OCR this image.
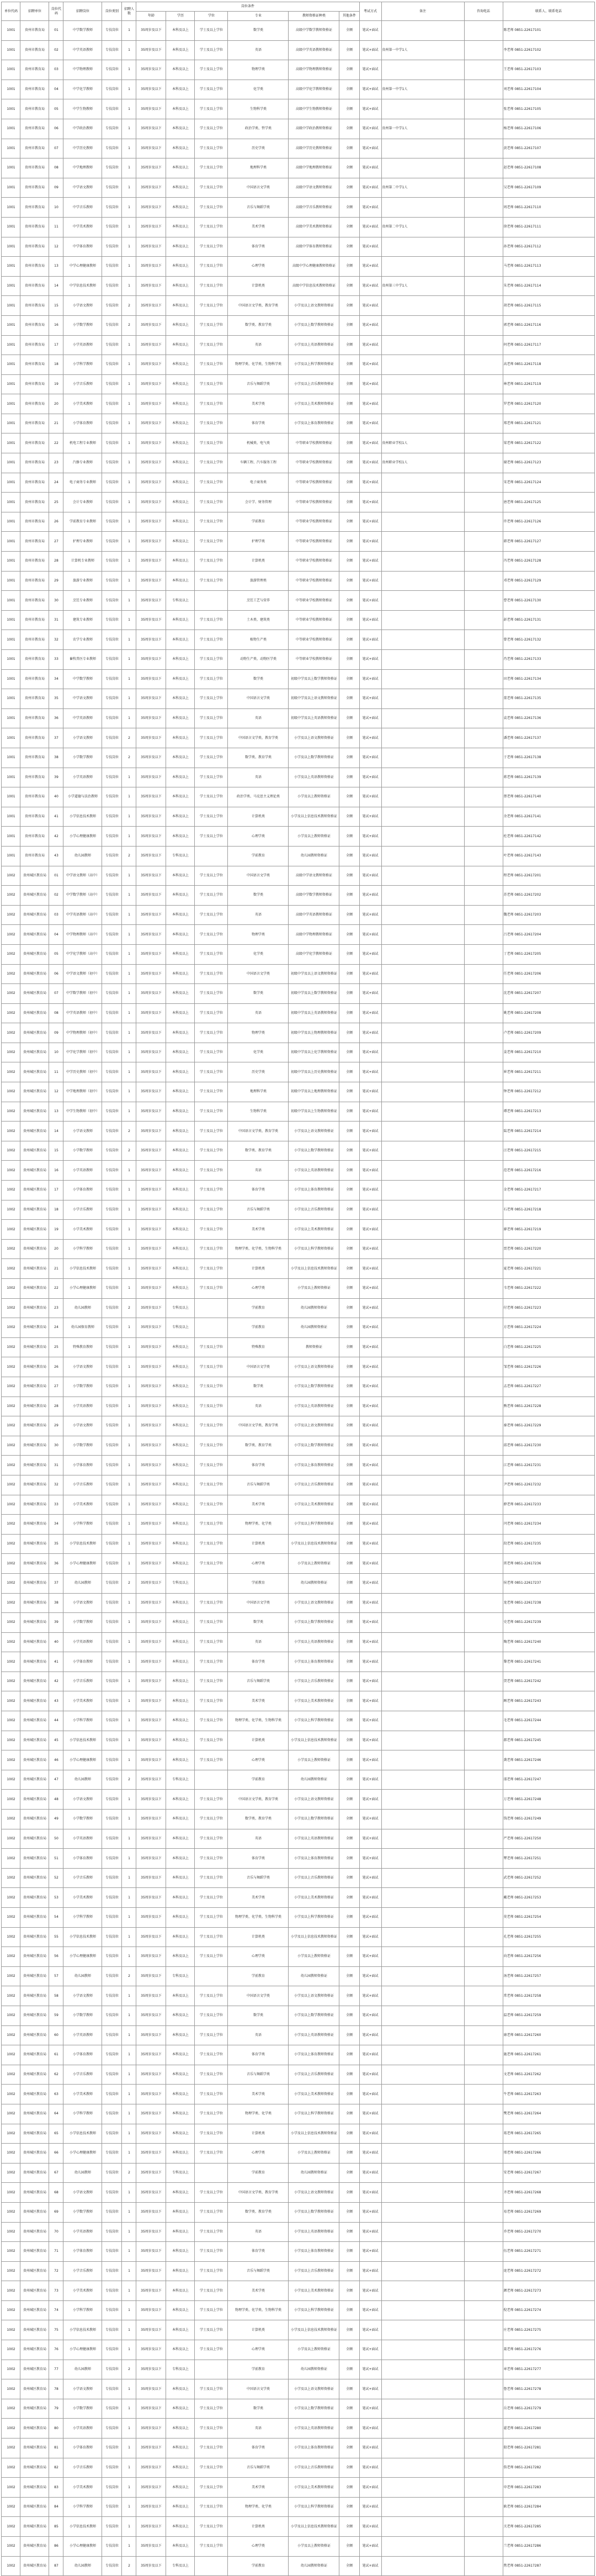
单位代码	招聘单位	岗位代码	招聘岗位	岗位类别	招聘人数	岗位条件						考试方式	备注	咨询电话	联系人、联系电话
						年龄	学历	学位	专业	教师资格证种类	其他条件				
1001	贵州市教育局	01	中学数学教师	专技岗位	1	35周岁及以下	本科及以上	学士及以上学位	数学类	高级中学数学教师资格证	全额	笔试+面试			陈老师 0851-22617101
1001	贵州市教育局	02	中学英语教师	专技岗位	1	35周岁及以下	本科及以上	学士及以上学位	英语	高级中学英语教师资格证	全额	笔试+面试	贵州第一中学1人		李老师 0851-22617102
1001	贵州市教育局	03	中学物理教师	专技岗位	1	35周岁及以下	本科及以上	学士及以上学位	物理学类	高级中学物理教师资格证	全额	笔试+面试			王老师 0851-22617103
1001	贵州市教育局	04	中学化学教师	专技岗位	1	35周岁及以下	本科及以上	学士及以上学位	化学类	高级中学化学教师资格证	全额	笔试+面试	贵州第一中学1人		刘老师 0851-22617104
1001	贵州市教育局	05	中学生物教师	专技岗位	1	35周岁及以下	本科及以上	学士及以上学位	生物科学类	高级中学生物教师资格证	全额	笔试+面试			张老师 0851-22617105
1001	贵州市教育局	06	中学政治教师	专技岗位	1	35周岁及以下	本科及以上	学士及以上学位	政治学类、哲学类	高级中学政治教师资格证	全额	笔试+面试	贵州第一中学1人		杨老师 0851-22617106
1001	贵州市教育局	07	中学历史教师	专技岗位	1	35周岁及以下	本科及以上	学士及以上学位	历史学类	高级中学历史教师资格证	全额	笔试+面试			黄老师 0851-22617107
1001	贵州市教育局	08	中学地理教师	专技岗位	1	35周岁及以下	本科及以上	学士及以上学位	地理科学类	高级中学地理教师资格证	全额	笔试+面试			赵老师 0851-22617108
1001	贵州市教育局	09	中学语文教师	专技岗位	1	35周岁及以下	本科及以上	学士及以上学位	中国语言文学类	高级中学语文教师资格证	全额	笔试+面试	贵州第二中学1人		吴老师 0851-22617109
1001	贵州市教育局	10	中学音乐教师	专技岗位	1	35周岁及以下	本科及以上	学士及以上学位	音乐与舞蹈学类	高级中学音乐教师资格证	全额	笔试+面试			周老师 0851-22617110
1001	贵州市教育局	11	中学美术教师	专技岗位	1	35周岁及以下	本科及以上	学士及以上学位	美术学类	高级中学美术教师资格证	全额	笔试+面试	贵州第二中学1人		徐老师 0851-22617111
1001	贵州市教育局	12	中学体育教师	专技岗位	1	35周岁及以下	本科及以上	学士及以上学位	体育学类	高级中学体育教师资格证	全额	笔试+面试			孙老师 0851-22617112
1001	贵州市教育局	13	中学心理健康教师	专技岗位	1	35周岁及以下	本科及以上	学士及以上学位	心理学类	高级中学心理健康教师资格证	全额	笔试+面试			马老师 0851-22617113
1001	贵州市教育局	14	中学信息技术教师	专技岗位	1	35周岁及以下	本科及以上	学士及以上学位	计算机类	高级中学信息技术教师资格证	全额	笔试+面试	贵州第三中学1人		朱老师 0851-22617114
1001	贵州市教育局	15	小学语文教师	专技岗位	2	35周岁及以下	本科及以上	学士及以上学位	中国语言文学类、教育学类	小学及以上语文教师资格证	全额	笔试+面试			胡老师 0851-22617115
1001	贵州市教育局	16	小学数学教师	专技岗位	2	35周岁及以下	本科及以上	学士及以上学位	数学类、教育学类	小学及以上数学教师资格证	全额	笔试+面试			郭老师 0851-22617116
1001	贵州市教育局	17	小学英语教师	专技岗位	1	35周岁及以下	本科及以上	学士及以上学位	英语	小学及以上英语教师资格证	全额	笔试+面试			何老师 0851-22617117
1001	贵州市教育局	18	小学科学教师	专技岗位	1	35周岁及以下	本科及以上	学士及以上学位	物理学类、化学类、生物科学类	小学及以上科学教师资格证	全额	笔试+面试			高老师 0851-22617118
1001	贵州市教育局	19	小学音乐教师	专技岗位	1	35周岁及以下	本科及以上	学士及以上学位	音乐与舞蹈学类	小学及以上音乐教师资格证	全额	笔试+面试			林老师 0851-22617119
1001	贵州市教育局	20	小学美术教师	专技岗位	1	35周岁及以下	本科及以上	学士及以上学位	美术学类	小学及以上美术教师资格证	全额	笔试+面试			罗老师 0851-22617120
1001	贵州市教育局	21	小学体育教师	专技岗位	1	35周岁及以下	本科及以上	学士及以上学位	体育学类	小学及以上体育教师资格证	全额	笔试+面试			郑老师 0851-22617121
1001	贵州市教育局	22	机电工程专业教师	专技岗位	1	35周岁及以下	本科及以上	学士及以上学位	机械类、电气类	中等职业学校教师资格证	全额	笔试+面试	贵州职业学校1人		梁老师 0851-22617122
1001	贵州市教育局	23	汽修专业教师	专技岗位	1	35周岁及以下	本科及以上	学士及以上学位	车辆工程、汽车服务工程	中等职业学校教师资格证	全额	笔试+面试	贵州职业学校1人		谢老师 0851-22617123
1001	贵州市教育局	24	电子商务专业教师	专技岗位	1	35周岁及以下	本科及以上	学士及以上学位	电子商务类	中等职业学校教师资格证	全额	笔试+面试			宋老师 0851-22617124
1001	贵州市教育局	25	会计专业教师	专技岗位	1	35周岁及以下	本科及以上	学士及以上学位	会计学、财务管理	中等职业学校教师资格证	全额	笔试+面试			唐老师 0851-22617125
1001	贵州市教育局	26	学前教育专业教师	专技岗位	1	35周岁及以下	本科及以上	学士及以上学位	学前教育	中等职业学校教师资格证	全额	笔试+面试			许老师 0851-22617126
1001	贵州市教育局	27	护理专业教师	专技岗位	1	35周岁及以下	本科及以上	学士及以上学位	护理学类	中等职业学校教师资格证	全额	笔试+面试			韩老师 0851-22617127
1001	贵州市教育局	28	计算机专业教师	专技岗位	1	35周岁及以下	本科及以上	学士及以上学位	计算机类	中等职业学校教师资格证	全额	笔试+面试			冯老师 0851-22617128
1001	贵州市教育局	29	旅游专业教师	专技岗位	1	35周岁及以下	本科及以上	学士及以上学位	旅游管理类	中等职业学校教师资格证	全额	笔试+面试			邓老师 0851-22617129
1001	贵州市教育局	30	烹饪专业教师	专技岗位	1	35周岁及以下	专科及以上		烹饪工艺与营养	中等职业学校教师资格证	全额	笔试+面试			曹老师 0851-22617130
1001	贵州市教育局	31	建筑专业教师	专技岗位	1	35周岁及以下	本科及以上	学士及以上学位	土木类、建筑类	中等职业学校教师资格证	全额	笔试+面试			彭老师 0851-22617131
1001	贵州市教育局	32	农学专业教师	专技岗位	1	35周岁及以下	本科及以上	学士及以上学位	植物生产类	中等职业学校教师资格证	全额	笔试+面试			曾老师 0851-22617132
1001	贵州市教育局	33	畜牧兽医专业教师	专技岗位	1	35周岁及以下	本科及以上	学士及以上学位	动物生产类、动物医学类	中等职业学校教师资格证	全额	笔试+面试			肖老师 0851-22617133
1001	贵州市教育局	34	中学数学教师	专技岗位	1	35周岁及以下	本科及以上	学士及以上学位	数学类	初级中学及以上数学教师资格证	全额	笔试+面试			田老师 0851-22617134
1001	贵州市教育局	35	中学语文教师	专技岗位	1	35周岁及以下	本科及以上	学士及以上学位	中国语言文学类	初级中学及以上语文教师资格证	全额	笔试+面试			董老师 0851-22617135
1001	贵州市教育局	36	中学英语教师	专技岗位	1	35周岁及以下	本科及以上	学士及以上学位	英语	初级中学及以上英语教师资格证	全额	笔试+面试			袁老师 0851-22617136
1001	贵州市教育局	37	小学语文教师	专技岗位	2	35周岁及以下	本科及以上	学士及以上学位	中国语言文学类、教育学类	小学及以上语文教师资格证	全额	笔试+面试			潘老师 0851-22617137
1001	贵州市教育局	38	小学数学教师	专技岗位	2	35周岁及以下	本科及以上	学士及以上学位	数学类、教育学类	小学及以上数学教师资格证	全额	笔试+面试			于老师 0851-22617138
1001	贵州市教育局	39	小学英语教师	专技岗位	1	35周岁及以下	本科及以上	学士及以上学位	英语	小学及以上英语教师资格证	全额	笔试+面试			蒋老师 0851-22617139
1001	贵州市教育局	40	小学道德与法治教师	专技岗位	1	35周岁及以下	本科及以上	学士及以上学位	政治学类、马克思主义理论类	小学及以上教师资格证	全额	笔试+面试			蔡老师 0851-22617140
1001	贵州市教育局	41	小学信息技术教师	专技岗位	1	35周岁及以下	本科及以上	学士及以上学位	计算机类	小学及以上信息技术教师资格证	全额	笔试+面试			余老师 0851-22617141
1001	贵州市教育局	42	小学心理健康教师	专技岗位	1	35周岁及以下	本科及以上	学士及以上学位	心理学类	小学及以上教师资格证	全额	笔试+面试			杜老师 0851-22617142
1001	贵州市教育局	43	幼儿园教师	专技岗位	2	35周岁及以下	专科及以上		学前教育	幼儿园教师资格证	全额	笔试+面试			叶老师 0851-22617143
1002	贵州城区教育局	01	中学语文教师（高中）	专技岗位	1	35周岁及以下	本科及以上	学士及以上学位	中国语言文学类	高级中学语文教师资格证	全额	笔试+面试			程老师 0851-22617201
1002	贵州城区教育局	02	中学数学教师（高中）	专技岗位	1	35周岁及以下	本科及以上	学士及以上学位	数学类	高级中学数学教师资格证	全额	笔试+面试			苏老师 0851-22617202
1002	贵州城区教育局	03	中学英语教师（高中）	专技岗位	1	35周岁及以下	本科及以上	学士及以上学位	英语	高级中学英语教师资格证	全额	笔试+面试			魏老师 0851-22617203
1002	贵州城区教育局	04	中学物理教师（高中）	专技岗位	1	35周岁及以下	本科及以上	学士及以上学位	物理学类	高级中学物理教师资格证	全额	笔试+面试			吕老师 0851-22617204
1002	贵州城区教育局	05	中学化学教师（高中）	专技岗位	1	35周岁及以下	本科及以上	学士及以上学位	化学类	高级中学化学教师资格证	全额	笔试+面试			丁老师 0851-22617205
1002	贵州城区教育局	06	中学语文教师（初中）	专技岗位	1	35周岁及以下	本科及以上	学士及以上学位	中国语言文学类	初级中学及以上语文教师资格证	全额	笔试+面试			任老师 0851-22617206
1002	贵州城区教育局	07	中学数学教师（初中）	专技岗位	1	35周岁及以下	本科及以上	学士及以上学位	数学类	初级中学及以上数学教师资格证	全额	笔试+面试			沈老师 0851-22617207
1002	贵州城区教育局	08	中学英语教师（初中）	专技岗位	1	35周岁及以下	本科及以上	学士及以上学位	英语	初级中学及以上英语教师资格证	全额	笔试+面试			姚老师 0851-22617208
1002	贵州城区教育局	09	中学物理教师（初中）	专技岗位	1	35周岁及以下	本科及以上	学士及以上学位	物理学类	初级中学及以上物理教师资格证	全额	笔试+面试			卢老师 0851-22617209
1002	贵州城区教育局	10	中学化学教师（初中）	专技岗位	1	35周岁及以下	本科及以上	学士及以上学位	化学类	初级中学及以上化学教师资格证	全额	笔试+面试			姜老师 0851-22617210
1002	贵州城区教育局	11	中学历史教师（初中）	专技岗位	1	35周岁及以下	本科及以上	学士及以上学位	历史学类	初级中学及以上历史教师资格证	全额	笔试+面试			崔老师 0851-22617211
1002	贵州城区教育局	12	中学地理教师（初中）	专技岗位	1	35周岁及以下	本科及以上	学士及以上学位	地理科学类	初级中学及以上地理教师资格证	全额	笔试+面试			钟老师 0851-22617212
1002	贵州城区教育局	13	中学生物教师（初中）	专技岗位	1	35周岁及以下	本科及以上	学士及以上学位	生物科学类	初级中学及以上生物教师资格证	全额	笔试+面试			谭老师 0851-22617213
1002	贵州城区教育局	14	小学语文教师	专技岗位	2	35周岁及以下	本科及以上	学士及以上学位	中国语言文学类、教育学类	小学及以上语文教师资格证	全额	笔试+面试			陆老师 0851-22617214
1002	贵州城区教育局	15	小学数学教师	专技岗位	2	35周岁及以下	本科及以上	学士及以上学位	数学类、教育学类	小学及以上数学教师资格证	全额	笔试+面试			汪老师 0851-22617215
1002	贵州城区教育局	16	小学英语教师	专技岗位	1	35周岁及以下	本科及以上	学士及以上学位	英语	小学及以上英语教师资格证	全额	笔试+面试			范老师 0851-22617216
1002	贵州城区教育局	17	小学体育教师	专技岗位	1	35周岁及以下	本科及以上	学士及以上学位	体育学类	小学及以上体育教师资格证	全额	笔试+面试			金老师 0851-22617217
1002	贵州城区教育局	18	小学音乐教师	专技岗位	1	35周岁及以下	本科及以上	学士及以上学位	音乐与舞蹈学类	小学及以上音乐教师资格证	全额	笔试+面试			石老师 0851-22617218
1002	贵州城区教育局	19	小学美术教师	专技岗位	1	35周岁及以下	本科及以上	学士及以上学位	美术学类	小学及以上美术教师资格证	全额	笔试+面试			廖老师 0851-22617219
1002	贵州城区教育局	20	小学科学教师	专技岗位	1	35周岁及以下	本科及以上	学士及以上学位	物理学类、化学类、生物科学类	小学及以上科学教师资格证	全额	笔试+面试			贾老师 0851-22617220
1002	贵州城区教育局	21	小学信息技术教师	专技岗位	1	35周岁及以下	本科及以上	学士及以上学位	计算机类	小学及以上信息技术教师资格证	全额	笔试+面试			夏老师 0851-22617221
1002	贵州城区教育局	22	小学心理健康教师	专技岗位	1	35周岁及以下	本科及以上	学士及以上学位	心理学类	小学及以上教师资格证	全额	笔试+面试			韦老师 0851-22617222
1002	贵州城区教育局	23	幼儿园教师	专技岗位	2	35周岁及以下	专科及以上		学前教育	幼儿园教师资格证	全额	笔试+面试			付老师 0851-22617223
1002	贵州城区教育局	24	幼儿园保育教师	专技岗位	1	35周岁及以下	专科及以上		学前教育	幼儿园教师资格证	全额	笔试+面试			方老师 0851-22617224
1002	贵州城区教育局	25	特殊教育教师	专技岗位	1	35周岁及以下	本科及以上	学士及以上学位	特殊教育	教师资格证	全额	笔试+面试			白老师 0851-22617225
1002	贵州城区教育局	26	小学语文教师	专技岗位	1	35周岁及以下	本科及以上	学士及以上学位	中国语言文学类	小学及以上语文教师资格证	全额	笔试+面试			邹老师 0851-22617226
1002	贵州城区教育局	27	小学数学教师	专技岗位	1	35周岁及以下	本科及以上	学士及以上学位	数学类	小学及以上数学教师资格证	全额	笔试+面试			孟老师 0851-22617227
1002	贵州城区教育局	28	小学英语教师	专技岗位	1	35周岁及以下	本科及以上	学士及以上学位	英语	小学及以上英语教师资格证	全额	笔试+面试			熊老师 0851-22617228
1002	贵州城区教育局	29	小学语文教师	专技岗位	1	35周岁及以下	本科及以上	学士及以上学位	中国语言文学类、教育学类	小学及以上语文教师资格证	全额	笔试+面试			秦老师 0851-22617229
1002	贵州城区教育局	30	小学数学教师	专技岗位	1	35周岁及以下	本科及以上	学士及以上学位	数学类、教育学类	小学及以上数学教师资格证	全额	笔试+面试			邱老师 0851-22617230
1002	贵州城区教育局	31	小学体育教师	专技岗位	1	35周岁及以下	本科及以上	学士及以上学位	体育学类	小学及以上体育教师资格证	全额	笔试+面试			江老师 0851-22617231
1002	贵州城区教育局	32	小学音乐教师	专技岗位	1	35周岁及以下	本科及以上	学士及以上学位	音乐与舞蹈学类	小学及以上音乐教师资格证	全额	笔试+面试			尹老师 0851-22617232
1002	贵州城区教育局	33	小学美术教师	专技岗位	1	35周岁及以下	本科及以上	学士及以上学位	美术学类	小学及以上美术教师资格证	全额	笔试+面试			薛老师 0851-22617233
1002	贵州城区教育局	34	小学科学教师	专技岗位	1	35周岁及以下	本科及以上	学士及以上学位	物理学类、化学类	小学及以上科学教师资格证	全额	笔试+面试			闫老师 0851-22617234
1002	贵州城区教育局	35	小学信息技术教师	专技岗位	1	35周岁及以下	本科及以上	学士及以上学位	计算机类	小学及以上信息技术教师资格证	全额	笔试+面试			段老师 0851-22617235
1002	贵州城区教育局	36	小学心理健康教师	专技岗位	1	35周岁及以下	本科及以上	学士及以上学位	心理学类	小学及以上教师资格证	全额	笔试+面试			雷老师 0851-22617236
1002	贵州城区教育局	37	幼儿园教师	专技岗位	2	35周岁及以下	专科及以上		学前教育	幼儿园教师资格证	全额	笔试+面试			侯老师 0851-22617237
1002	贵州城区教育局	38	小学语文教师	专技岗位	1	35周岁及以下	本科及以上	学士及以上学位	中国语言文学类	小学及以上语文教师资格证	全额	笔试+面试			龙老师 0851-22617238
1002	贵州城区教育局	39	小学数学教师	专技岗位	1	35周岁及以下	本科及以上	学士及以上学位	数学类	小学及以上数学教师资格证	全额	笔试+面试			史老师 0851-22617239
1002	贵州城区教育局	40	小学英语教师	专技岗位	1	35周岁及以下	本科及以上	学士及以上学位	英语	小学及以上英语教师资格证	全额	笔试+面试			陶老师 0851-22617240
1002	贵州城区教育局	41	小学体育教师	专技岗位	1	35周岁及以下	本科及以上	学士及以上学位	体育学类	小学及以上体育教师资格证	全额	笔试+面试			黎老师 0851-22617241
1002	贵州城区教育局	42	小学音乐教师	专技岗位	1	35周岁及以下	本科及以上	学士及以上学位	音乐与舞蹈学类	小学及以上音乐教师资格证	全额	笔试+面试			贺老师 0851-22617242
1002	贵州城区教育局	43	小学美术教师	专技岗位	1	35周岁及以下	本科及以上	学士及以上学位	美术学类	小学及以上美术教师资格证	全额	笔试+面试			顾老师 0851-22617243
1002	贵州城区教育局	44	小学科学教师	专技岗位	1	35周岁及以下	本科及以上	学士及以上学位	物理学类、化学类、生物科学类	小学及以上科学教师资格证	全额	笔试+面试			毛老师 0851-22617244
1002	贵州城区教育局	45	小学信息技术教师	专技岗位	1	35周岁及以下	本科及以上	学士及以上学位	计算机类	小学及以上信息技术教师资格证	全额	笔试+面试			郝老师 0851-22617245
1002	贵州城区教育局	46	小学心理健康教师	专技岗位	1	35周岁及以下	本科及以上	学士及以上学位	心理学类	小学及以上教师资格证	全额	笔试+面试			龚老师 0851-22617246
1002	贵州城区教育局	47	幼儿园教师	专技岗位	2	35周岁及以下	专科及以上		学前教育	幼儿园教师资格证	全额	笔试+面试			邵老师 0851-22617247
1002	贵州城区教育局	48	小学语文教师	专技岗位	1	35周岁及以下	本科及以上	学士及以上学位	中国语言文学类、教育学类	小学及以上语文教师资格证	全额	笔试+面试			万老师 0851-22617248
1002	贵州城区教育局	49	小学数学教师	专技岗位	1	35周岁及以下	本科及以上	学士及以上学位	数学类、教育学类	小学及以上数学教师资格证	全额	笔试+面试			钱老师 0851-22617249
1002	贵州城区教育局	50	小学英语教师	专技岗位	1	35周岁及以下	本科及以上	学士及以上学位	英语	小学及以上英语教师资格证	全额	笔试+面试			严老师 0851-22617250
1002	贵州城区教育局	51	小学体育教师	专技岗位	1	35周岁及以下	本科及以上	学士及以上学位	体育学类	小学及以上体育教师资格证	全额	笔试+面试			覃老师 0851-22617251
1002	贵州城区教育局	52	小学音乐教师	专技岗位	1	35周岁及以下	本科及以上	学士及以上学位	音乐与舞蹈学类	小学及以上音乐教师资格证	全额	笔试+面试			武老师 0851-22617252
1002	贵州城区教育局	53	小学美术教师	专技岗位	1	35周岁及以下	本科及以上	学士及以上学位	美术学类	小学及以上美术教师资格证	全额	笔试+面试			戴老师 0851-22617253
1002	贵州城区教育局	54	小学科学教师	专技岗位	1	35周岁及以下	本科及以上	学士及以上学位	物理学类、化学类、生物科学类	小学及以上科学教师资格证	全额	笔试+面试			莫老师 0851-22617254
1002	贵州城区教育局	55	小学信息技术教师	专技岗位	1	35周岁及以下	本科及以上	学士及以上学位	计算机类	小学及以上信息技术教师资格证	全额	笔试+面试			孔老师 0851-22617255
1002	贵州城区教育局	56	小学心理健康教师	专技岗位	1	35周岁及以下	本科及以上	学士及以上学位	心理学类	小学及以上教师资格证	全额	笔试+面试			向老师 0851-22617256
1002	贵州城区教育局	57	幼儿园教师	专技岗位	2	35周岁及以下	专科及以上		学前教育	幼儿园教师资格证	全额	笔试+面试			汤老师 0851-22617257
1002	贵州城区教育局	58	小学语文教师	专技岗位	1	35周岁及以下	本科及以上	学士及以上学位	中国语言文学类	小学及以上语文教师资格证	全额	笔试+面试			常老师 0851-22617258
1002	贵州城区教育局	59	小学数学教师	专技岗位	1	35周岁及以下	本科及以上	学士及以上学位	数学类	小学及以上数学教师资格证	全额	笔试+面试			温老师 0851-22617259
1002	贵州城区教育局	60	小学英语教师	专技岗位	1	35周岁及以下	本科及以上	学士及以上学位	英语	小学及以上英语教师资格证	全额	笔试+面试			康老师 0851-22617260
1002	贵州城区教育局	61	小学体育教师	专技岗位	1	35周岁及以下	本科及以上	学士及以上学位	体育学类	小学及以上体育教师资格证	全额	笔试+面试			施老师 0851-22617261
1002	贵州城区教育局	62	小学音乐教师	专技岗位	1	35周岁及以下	本科及以上	学士及以上学位	音乐与舞蹈学类	小学及以上音乐教师资格证	全额	笔试+面试			文老师 0851-22617262
1002	贵州城区教育局	63	小学美术教师	专技岗位	1	35周岁及以下	本科及以上	学士及以上学位	美术学类	小学及以上美术教师资格证	全额	笔试+面试			牛老师 0851-22617263
1002	贵州城区教育局	64	小学科学教师	专技岗位	1	35周岁及以下	本科及以上	学士及以上学位	物理学类、化学类	小学及以上科学教师资格证	全额	笔试+面试			樊老师 0851-22617264
1002	贵州城区教育局	65	小学信息技术教师	专技岗位	1	35周岁及以下	本科及以上	学士及以上学位	计算机类	小学及以上信息技术教师资格证	全额	笔试+面试			葛老师 0851-22617265
1002	贵州城区教育局	66	小学心理健康教师	专技岗位	1	35周岁及以下	本科及以上	学士及以上学位	心理学类	小学及以上教师资格证	全额	笔试+面试			邢老师 0851-22617266
1002	贵州城区教育局	67	幼儿园教师	专技岗位	2	35周岁及以下	专科及以上		学前教育	幼儿园教师资格证	全额	笔试+面试			安老师 0851-22617267
1002	贵州城区教育局	68	小学语文教师	专技岗位	1	35周岁及以下	本科及以上	学士及以上学位	中国语言文学类、教育学类	小学及以上语文教师资格证	全额	笔试+面试			齐老师 0851-22617268
1002	贵州城区教育局	69	小学数学教师	专技岗位	1	35周岁及以下	本科及以上	学士及以上学位	数学类、教育学类	小学及以上数学教师资格证	全额	笔试+面试			易老师 0851-22617269
1002	贵州城区教育局	70	小学英语教师	专技岗位	1	35周岁及以下	本科及以上	学士及以上学位	英语	小学及以上英语教师资格证	全额	笔试+面试			乔老师 0851-22617270
1002	贵州城区教育局	71	小学体育教师	专技岗位	1	35周岁及以下	本科及以上	学士及以上学位	体育学类	小学及以上体育教师资格证	全额	笔试+面试			伍老师 0851-22617271
1002	贵州城区教育局	72	小学音乐教师	专技岗位	1	35周岁及以下	本科及以上	学士及以上学位	音乐与舞蹈学类	小学及以上音乐教师资格证	全额	笔试+面试			庞老师 0851-22617272
1002	贵州城区教育局	73	小学美术教师	专技岗位	1	35周岁及以下	本科及以上	学士及以上学位	美术学类	小学及以上美术教师资格证	全额	笔试+面试			颜老师 0851-22617273
1002	贵州城区教育局	74	小学科学教师	专技岗位	1	35周岁及以下	本科及以上	学士及以上学位	物理学类、化学类、生物科学类	小学及以上科学教师资格证	全额	笔试+面试			倪老师 0851-22617274
1002	贵州城区教育局	75	小学信息技术教师	专技岗位	1	35周岁及以下	本科及以上	学士及以上学位	计算机类	小学及以上信息技术教师资格证	全额	笔试+面试			庄老师 0851-22617275
1002	贵州城区教育局	76	小学心理健康教师	专技岗位	1	35周岁及以下	本科及以上	学士及以上学位	心理学类	小学及以上教师资格证	全额	笔试+面试			聂老师 0851-22617276
1002	贵州城区教育局	77	幼儿园教师	专技岗位	2	35周岁及以下	专科及以上		学前教育	幼儿园教师资格证	全额	笔试+面试			章老师 0851-22617277
1002	贵州城区教育局	78	小学语文教师	专技岗位	1	35周岁及以下	本科及以上	学士及以上学位	中国语言文学类	小学及以上语文教师资格证	全额	笔试+面试			鲁老师 0851-22617278
1002	贵州城区教育局	79	小学数学教师	专技岗位	1	35周岁及以下	本科及以上	学士及以上学位	数学类	小学及以上数学教师资格证	全额	笔试+面试			岳老师 0851-22617279
1002	贵州城区教育局	80	小学英语教师	专技岗位	1	35周岁及以下	本科及以上	学士及以上学位	英语	小学及以上英语教师资格证	全额	笔试+面试			翟老师 0851-22617280
1002	贵州城区教育局	81	小学体育教师	专技岗位	1	35周岁及以下	本科及以上	学士及以上学位	体育学类	小学及以上体育教师资格证	全额	笔试+面试			殷老师 0851-22617281
1002	贵州城区教育局	82	小学音乐教师	专技岗位	1	35周岁及以下	本科及以上	学士及以上学位	音乐与舞蹈学类	小学及以上音乐教师资格证	全额	笔试+面试			詹老师 0851-22617282
1002	贵州城区教育局	83	小学美术教师	专技岗位	1	35周岁及以下	本科及以上	学士及以上学位	美术学类	小学及以上美术教师资格证	全额	笔试+面试			申老师 0851-22617283
1002	贵州城区教育局	84	小学科学教师	专技岗位	1	35周岁及以下	本科及以上	学士及以上学位	物理学类、化学类	小学及以上科学教师资格证	全额	笔试+面试			耿老师 0851-22617284
1002	贵州城区教育局	85	小学信息技术教师	专技岗位	1	35周岁及以下	本科及以上	学士及以上学位	计算机类	小学及以上信息技术教师资格证	全额	笔试+面试			关老师 0851-22617285
1002	贵州城区教育局	86	小学心理健康教师	专技岗位	1	35周岁及以下	本科及以上	学士及以上学位	心理学类	小学及以上教师资格证	全额	笔试+面试			兰老师 0851-22617286
1002	贵州城区教育局	87	幼儿园教师	专技岗位	2	35周岁及以下	专科及以上		学前教育	幼儿园教师资格证	全额	笔试+面试			焦老师 0851-22617287
